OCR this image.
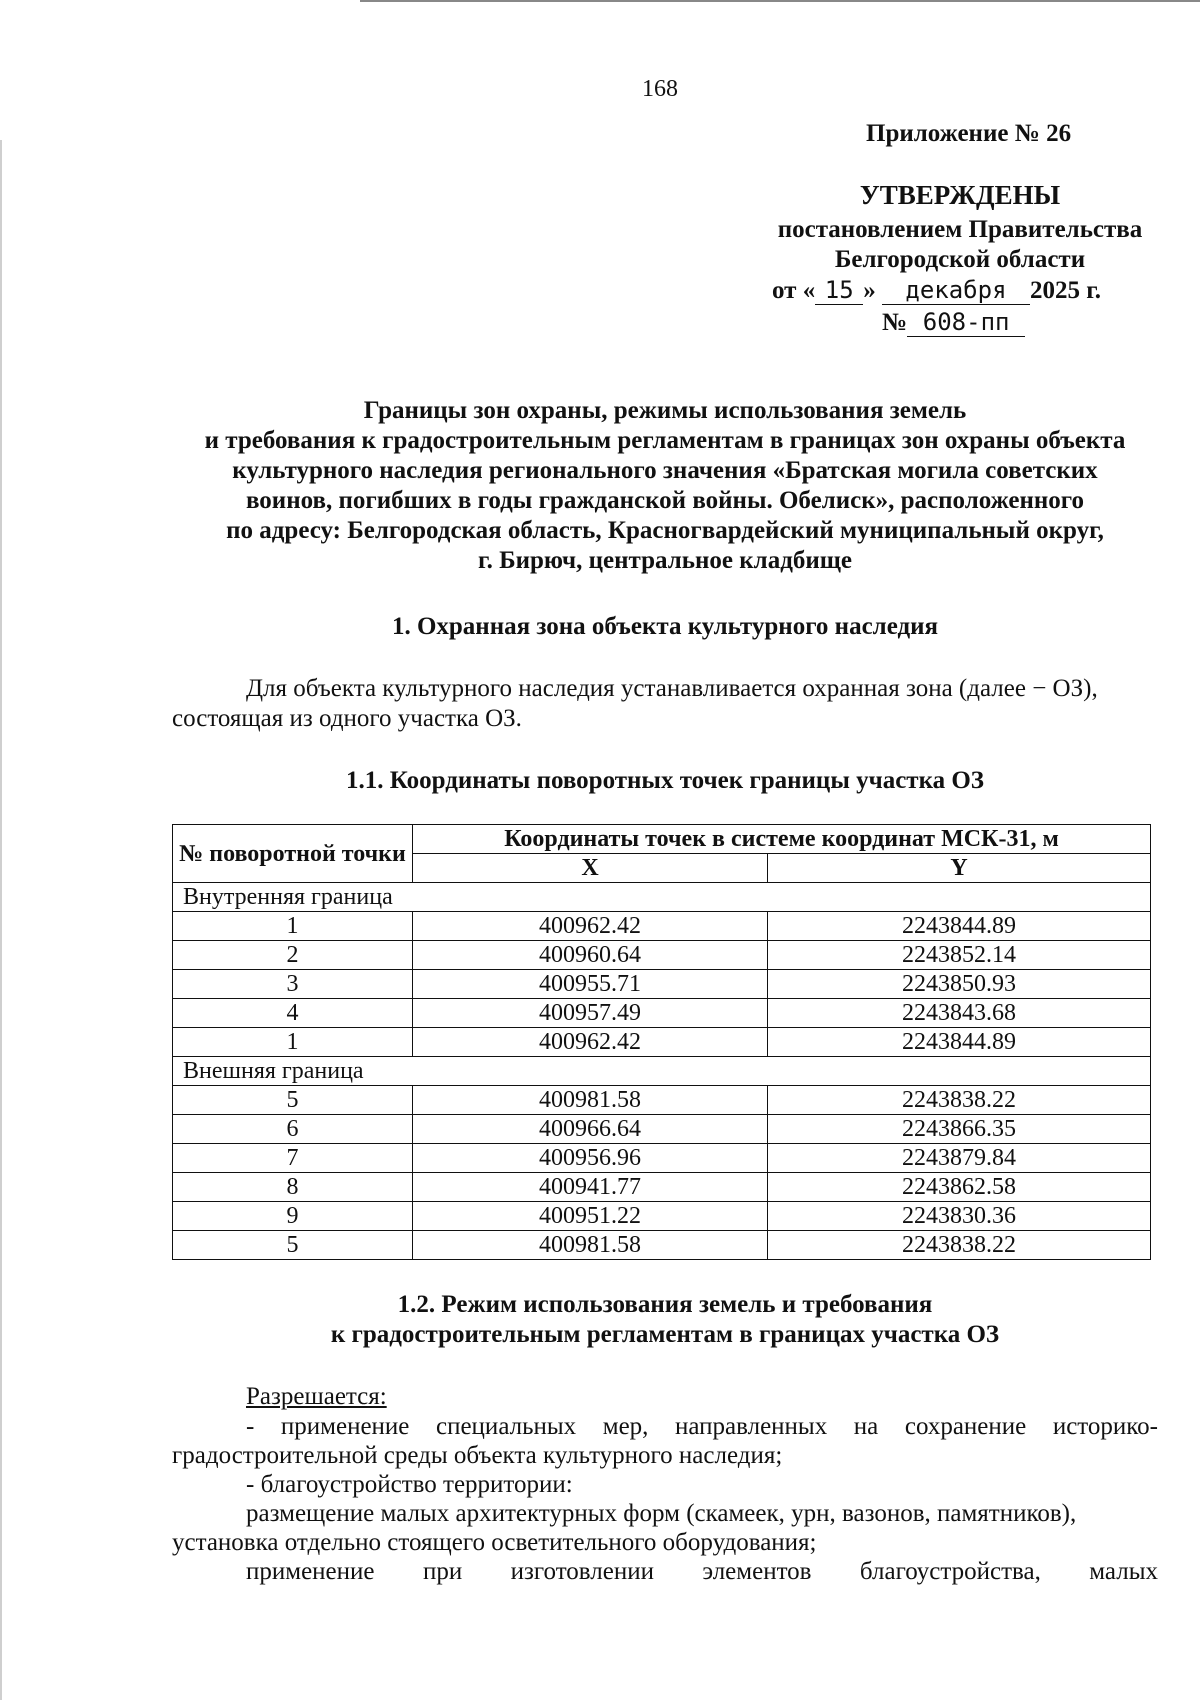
168
Приложение № 26
УТВЕРЖДЕНЫ
постановлением Правительства
Белгородской области
от « 15 » декабря 2025 г.
№ 608-пп
Границы зон охраны, режимы использования земель
и требования к градостроительным регламентам в границах зон охраны объекта
культурного наследия регионального значения «Братская могила советских
воинов, погибших в годы гражданской войны. Обелиск», расположенного
по адресу: Белгородская область, Красногвардейский муниципальный округ,
г. Бирюч, центральное кладбище
1. Охранная зона объекта культурного наследия
Для объекта культурного наследия устанавливается охранная зона (далее − ОЗ),
состоящая из одного участка ОЗ.
1.1. Координаты поворотных точек границы участка ОЗ
№ поворотной точки	Координаты точек в системе координат МСК-31, м	
	X	Y
Внутренняя граница		
1	400962.42	2243844.89
2	400960.64	2243852.14
3	400955.71	2243850.93
4	400957.49	2243843.68
1	400962.42	2243844.89
Внешняя граница		
5	400981.58	2243838.22
6	400966.64	2243866.35
7	400956.96	2243879.84
8	400941.77	2243862.58
9	400951.22	2243830.36
5	400981.58	2243838.22
1.2. Режим использования земель и требования
к градостроительным регламентам в границах участка ОЗ
Разрешается:
- применение специальных мер, направленных на сохранение историко-
градостроительной среды объекта культурного наследия;
- благоустройство территории:
размещение малых архитектурных форм (скамеек, урн, вазонов, памятников),
установка отдельно стоящего осветительного оборудования;
применение при изготовлении элементов благоустройства, малых
